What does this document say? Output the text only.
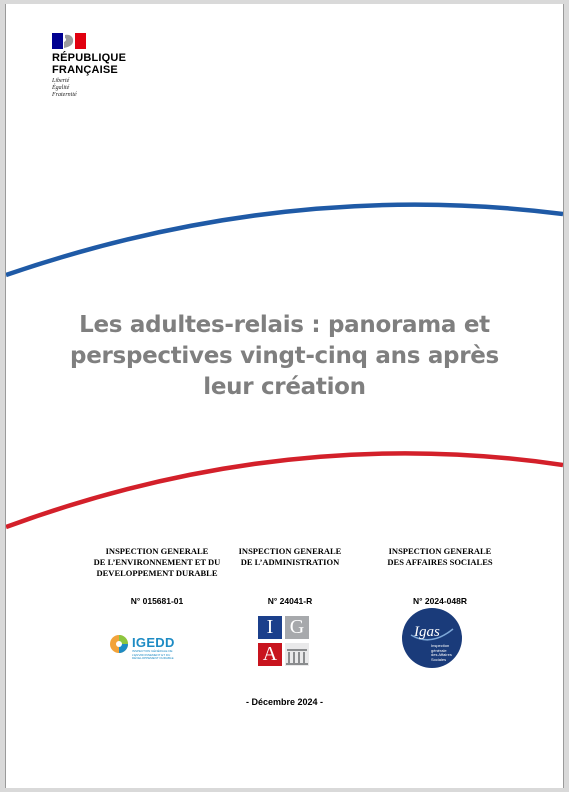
RÉPUBLIQUE
FRANÇAISE
Liberté
Égalité
Fraternité
Les adultes-relais : panorama et
perspectives vingt-cinq ans après
leur création
INSPECTION GENERALE
DE L’ENVIRONNEMENT ET DU
DEVELOPPEMENT DURABLE
N° 015681-01
INSPECTION GENERALE
DE L’ADMINISTRATION
N° 24041-R
INSPECTION GENERALE
DES AFFAIRES SOCIALES
N° 2024-048R
IGEDD
INSPECTION GÉNÉRALE DE L’ENVIRONNEMENT ET DU DÉVELOPPEMENT DURABLE
I G
A
Igas
Inspection
générale
des Affaires
Sociales
- Décembre 2024 -
